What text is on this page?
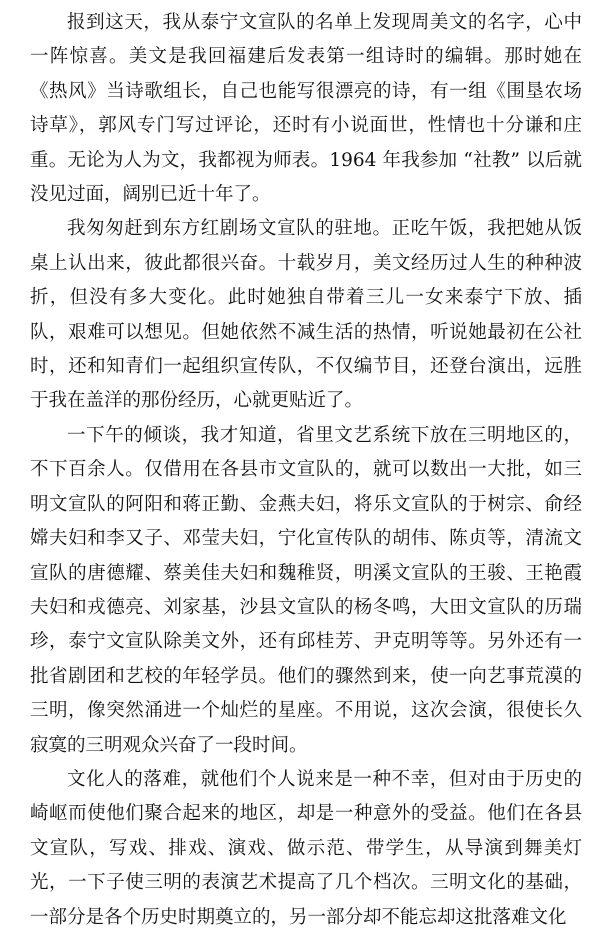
报到这天，我从泰宁文宣队的名单上发现周美文的名字，心中一阵惊喜。美文是我回福建后发表第一组诗时的编辑。那时她在《热风》当诗歌组长，自己也能写很漂亮的诗，有一组《围垦农场诗草》，郭风专门写过评论，还时有小说面世，性情也十分谦和庄重。无论为人为文，我都视为师表。1964 年我参加 “社教” 以后就没见过面，阔别已近十年了。

我匆匆赶到东方红剧场文宣队的驻地。正吃午饭，我把她从饭桌上认出来，彼此都很兴奋。十载岁月，美文经历过人生的种种波折，但没有多大变化。此时她独自带着三儿一女来泰宁下放、插队，艰难可以想见。但她依然不减生活的热情，听说她最初在公社时，还和知青们一起组织宣传队，不仅编节目，还登台演出，远胜于我在盖洋的那份经历，心就更贴近了。

一下午的倾谈，我才知道，省里文艺系统下放在三明地区的，不下百余人。仅借用在各县市文宣队的，就可以数出一大批，如三明文宣队的阿阳和蒋正勤、金燕夫妇，将乐文宣队的于树宗、俞经嫦夫妇和李又子、邓莹夫妇，宁化宣传队的胡伟、陈贞等，清流文宣队的唐德耀、蔡美佳夫妇和魏稚贤，明溪文宣队的王骏、王艳霞夫妇和戎德亮、刘家基，沙县文宣队的杨冬鸣，大田文宣队的历瑞珍，泰宁文宣队除美文外，还有邱桂芳、尹克明等等。另外还有一批省剧团和艺校的年轻学员。他们的骤然到来，使一向艺事荒漠的三明，像突然涌进一个灿烂的星座。不用说，这次会演，很使长久寂寞的三明观众兴奋了一段时间。

文化人的落难，就他们个人说来是一种不幸，但对由于历史的崎岖而使他们聚合起来的地区，却是一种意外的受益。他们在各县文宣队，写戏、排戏、演戏、做示范、带学生，从导演到舞美灯光，一下子使三明的表演艺术提高了几个档次。三明文化的基础，一部分是各个历史时期奠立的，另一部分却不能忘却这批落难文化
